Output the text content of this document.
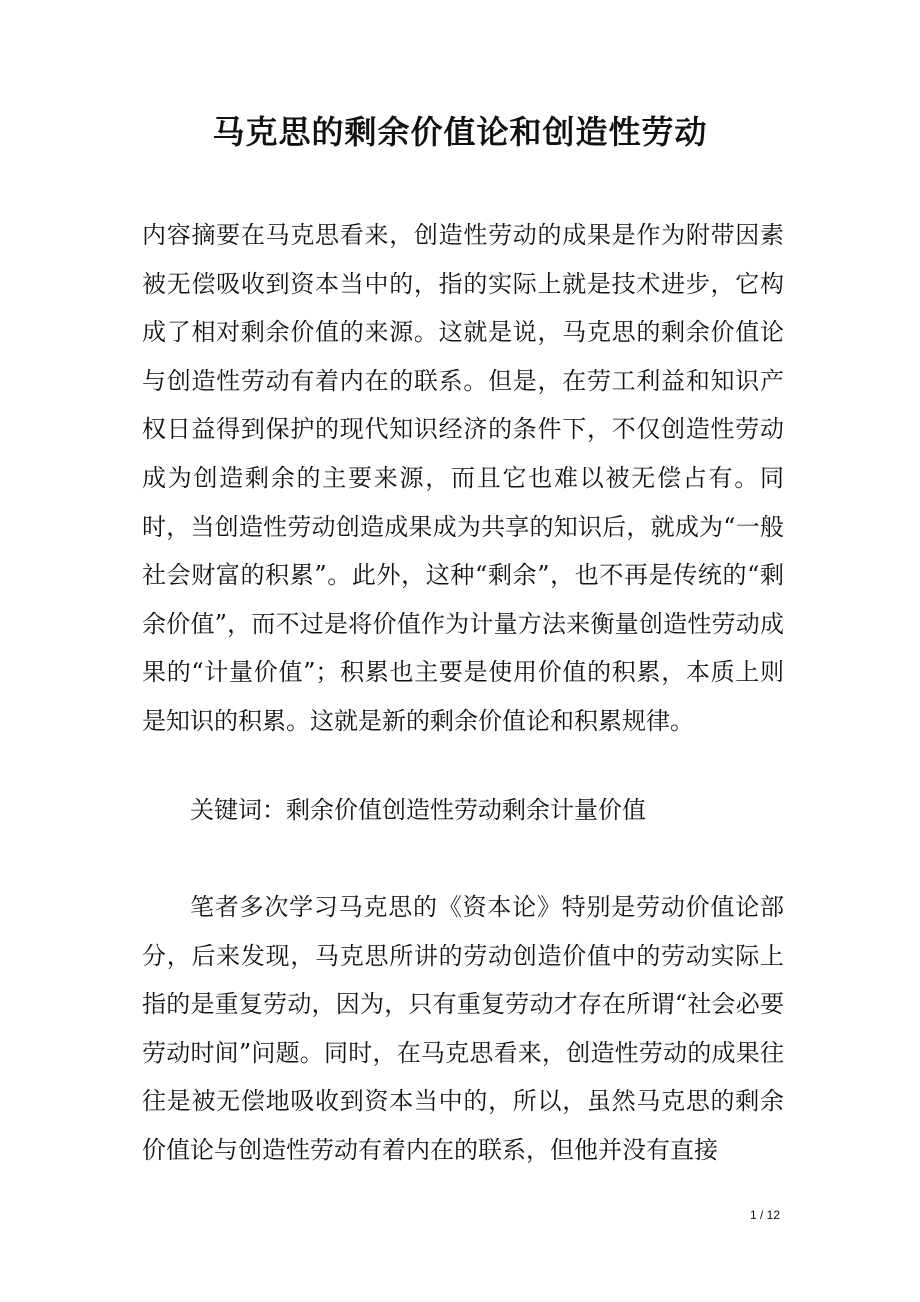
马克思的剩余价值论和创造性劳动

内容摘要在马克思看来，创造性劳动的成果是作为附带因素被无偿吸收到资本当中的，指的实际上就是技术进步，它构成了相对剩余价值的来源。这就是说，马克思的剩余价值论与创造性劳动有着内在的联系。但是，在劳工利益和知识产权日益得到保护的现代知识经济的条件下，不仅创造性劳动成为创造剩余的主要来源，而且它也难以被无偿占有。同时，当创造性劳动创造成果成为共享的知识后，就成为“一般社会财富的积累”。此外，这种“剩余”，也不再是传统的“剩余价值”，而不过是将价值作为计量方法来衡量创造性劳动成果的“计量价值”；积累也主要是使用价值的积累，本质上则是知识的积累。这就是新的剩余价值论和积累规律。

关键词：剩余价值创造性劳动剩余计量价值

笔者多次学习马克思的《资本论》特别是劳动价值论部分，后来发现，马克思所讲的劳动创造价值中的劳动实际上指的是重复劳动，因为，只有重复劳动才存在所谓“社会必要劳动时间”问题。同时，在马克思看来，创造性劳动的成果往往是被无偿地吸收到资本当中的，所以，虽然马克思的剩余价值论与创造性劳动有着内在的联系，但他并没有直接

1 / 12
